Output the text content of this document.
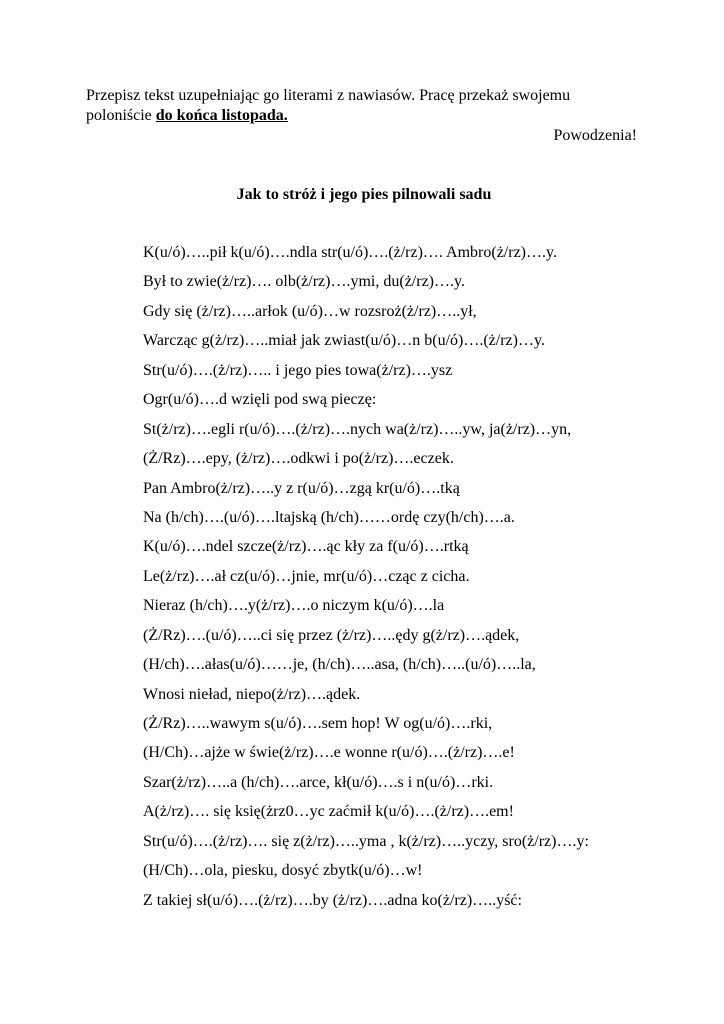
Przepisz tekst uzupełniając go literami z nawiasów. Pracę przekaż swojemu
poloniście do końca listopada.
Powodzenia!
Jak to stróż i jego pies pilnowali sadu
K(u/ó)…..pił k(u/ó)….ndla str(u/ó)….(ż/rz)…. Ambro(ż/rz)….y.
Był to zwie(ż/rz)…. olb(ż/rz)….ymi, du(ż/rz)….y.
Gdy się (ż/rz)…..arłok (u/ó)…w rozsroż(ż/rz)…..ył,
Warcząc g(ż/rz)…..miał jak zwiast(u/ó)…n b(u/ó)….(ż/rz)…y.
Str(u/ó)….(ż/rz)….. i jego pies towa(ż/rz)….ysz
Ogr(u/ó)….d wzięli pod swą pieczę:
St(ż/rz)….egli r(u/ó)….(ż/rz)….nych wa(ż/rz)…..yw, ja(ż/rz)…yn,
(Ż/Rz)….epy, (ż/rz)….odkwi i po(ż/rz)….eczek.
Pan Ambro(ż/rz)…..y z r(u/ó)…zgą kr(u/ó)….tką
Na (h/ch)….(u/ó)….ltajską (h/ch)……ordę czy(h/ch)….a.
K(u/ó)….ndel szcze(ż/rz)….ąc kły za f(u/ó)….rtką
Le(ż/rz)….ał cz(u/ó)…jnie, mr(u/ó)…cząc z cicha.
Nieraz (h/ch)….y(ż/rz)….o niczym k(u/ó)….la
(Ż/Rz)….(u/ó)…..ci się przez (ż/rz)…..ędy g(ż/rz)….ądek,
(H/ch)….ałas(u/ó)……je, (h/ch)…..asa, (h/ch)…..(u/ó)…..la,
Wnosi nieład, niepo(ż/rz)….ądek.
(Ż/Rz)…..wawym s(u/ó)….sem hop! W og(u/ó)….rki,
(H/Ch)…ajże w świe(ż/rz)….e wonne r(u/ó)….(ż/rz)….e!
Szar(ż/rz)…..a (h/ch)….arce, kł(u/ó)….s i n(u/ó)…rki.
A(ż/rz)…. się księ(żrz0…yc zaćmił k(u/ó)….(ż/rz)….em!
Str(u/ó)….(ż/rz)…. się z(ż/rz)…..yma , k(ż/rz)…..yczy, sro(ż/rz)….y:
(H/Ch)…ola, piesku, dosyć zbytk(u/ó)…w!
Z takiej sł(u/ó)….(ż/rz)….by (ż/rz)….adna ko(ż/rz)…..yść:
